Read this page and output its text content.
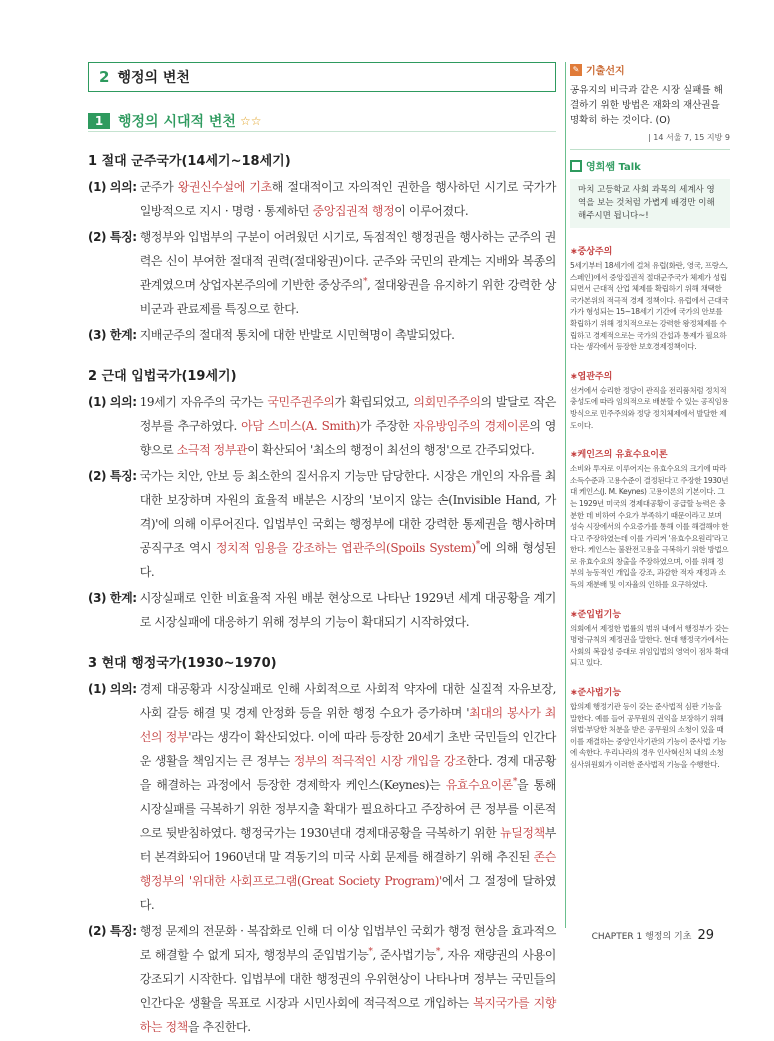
2 행정의 변천
1	행정의 시대적 변천 ☆☆
1 절대 군주국가(14세기~18세기)
(1) 의의: 군주가 왕권신수설에 기초해 절대적이고 자의적인 권한을 행사하던 시기로 국가가 일방적으로 지시 · 명령 · 통제하던 중앙집권적 행정이 이루어졌다.
(2) 특징: 행정부와 입법부의 구분이 어려웠던 시기로, 독점적인 행정권을 행사하는 군주의 권력은 신이 부여한 절대적 권력(절대왕권)이다. 군주와 국민의 관계는 지배와 복종의 관계였으며 상업자본주의에 기반한 중상주의*, 절대왕권을 유지하기 위한 강력한 상비군과 관료제를 특징으로 한다.
(3) 한계: 지배군주의 절대적 통치에 대한 반발로 시민혁명이 촉발되었다.
2 근대 입법국가(19세기)
(1) 의의: 19세기 자유주의 국가는 국민주권주의가 확립되었고, 의회민주주의의 발달로 작은 정부를 추구하였다. 아담 스미스(A. Smith)가 주장한 자유방임주의 경제이론의 영향으로 소극적 정부관이 확산되어 '최소의 행정이 최선의 행정'으로 간주되었다.
(2) 특징: 국가는 치안, 안보 등 최소한의 질서유지 기능만 담당한다. 시장은 개인의 자유를 최대한 보장하며 자원의 효율적 배분은 시장의 '보이지 않는 손(Invisible Hand, 가격)'에 의해 이루어진다. 입법부인 국회는 행정부에 대한 강력한 통제권을 행사하며 공직구조 역시 정치적 임용을 강조하는 엽관주의(Spoils System)*에 의해 형성된다.
(3) 한계: 시장실패로 인한 비효율적 자원 배분 현상으로 나타난 1929년 세계 대공황을 계기로 시장실패에 대응하기 위해 정부의 기능이 확대되기 시작하였다.
3 현대 행정국가(1930~1970)
(1) 의의: 경제 대공황과 시장실패로 인해 사회적으로 사회적 약자에 대한 실질적 자유보장, 사회 갈등 해결 및 경제 안정화 등을 위한 행정 수요가 증가하며 '최대의 봉사가 최선의 정부'라는 생각이 확산되었다. 이에 따라 등장한 20세기 초반 국민들의 인간다운 생활을 책임지는 큰 정부는 정부의 적극적인 시장 개입을 강조한다. 경제 대공황을 해결하는 과정에서 등장한 경제학자 케인스(Keynes)는 유효수요이론*을 통해 시장실패를 극복하기 위한 정부지출 확대가 필요하다고 주장하여 큰 정부를 이론적으로 뒷받침하였다. 행정국가는 1930년대 경제대공황을 극복하기 위한 뉴딜정책부터 본격화되어 1960년대 말 격동기의 미국 사회 문제를 해결하기 위해 추진된 존슨 행정부의 '위대한 사회프로그램(Great Society Program)'에서 그 절정에 달하였다.
(2) 특징: 행정 문제의 전문화 · 복잡화로 인해 더 이상 입법부인 국회가 행정 현상을 효과적으로 해결할 수 없게 되자, 행정부의 준입법기능*, 준사법기능*, 자유 재량권의 사용이 강조되기 시작한다. 입법부에 대한 행정권의 우위현상이 나타나며 정부는 국민들의 인간다운 생활을 목표로 시장과 시민사회에 적극적으로 개입하는 복지국가를 지향하는 정책을 추진한다.
✎ 기출선지
공유지의 비극과 같은 시장 실패를 해결하기 위한 방법은 재화의 재산권을 명확히 하는 것이다. (O)
| 14 서울 7, 15 지방 9
영희쌤 Talk
마치 고등학교 사회 과목의 세계사 영역을 보는 것처럼 가볍게 배경만 이해해주시면 됩니다~!
∗중상주의
5세기부터 18세기에 걸쳐 유럽(화란, 영국, 프랑스, 스페인)에서 중앙집권적 절대군주국가 체제가 성립되면서 근대적 산업 체제를 확립하기 위해 채택한 국가본위의 적극적 경제 정책이다. 유럽에서 근대국가가 형성되는 15~18세기 기간에 국가의 안보를 확립하기 위해 정치적으로는 강력한 왕정체제를 수립하고 경제적으로는 국가의 간섭과 통제가 필요하다는 생각에서 등장한 보호경제정책이다.
∗엽관주의
선거에서 승리한 정당이 관직을 전리품처럼 정치적 충성도에 따라 임의적으로 배분할 수 있는 공직임용방식으로 민주주의와 정당 정치체제에서 발달한 제도이다.
∗케인즈의 유효수요이론
소비와 투자로 이루어지는 유효수요의 크기에 따라 소득수준과 고용수준이 결정된다고 주장한 1930년대 케인스(J. M. Keynes) 고용이론의 기본이다. 그는 1929년 미국의 경제대공황이 공급할 능력은 충분한 데 비하여 수요가 부족하기 때문이라고 보며 성숙 시장에서의 수요증가를 통해 이를 해결해야 한다고 주장하였는데 이를 가리켜 '유효수요원리'라고 한다. 케인스는 불완전고용을 극복하기 위한 방법으로 유효수요의 창출을 주장하였으며, 이를 위해 정부의 능동적인 개입을 강조, 과감한 적자 재정과 소득의 재분배 및 이자율의 인하를 요구하였다.
∗준입법기능
의회에서 제정한 법률의 범위 내에서 행정부가 갖는 명령·규칙의 제정권을 말한다. 현대 행정국가에서는 사회의 복잡성 증대로 위임입법의 영역이 점차 확대되고 있다.
∗준사법기능
합의제 행정기관 등이 갖는 준사법적 심판 기능을 말한다. 예를 들어 공무원의 권익을 보장하기 위해 위법·부당한 처분을 받은 공무원의 소청이 있을 때 이를 재결하는 중앙인사기관의 기능이 준사법 기능에 속한다. 우리나라의 경우 인사혁신처 내의 소청심사위원회가 이러한 준사법적 기능을 수행한다.
CHAPTER 1 행정의 기초 29
